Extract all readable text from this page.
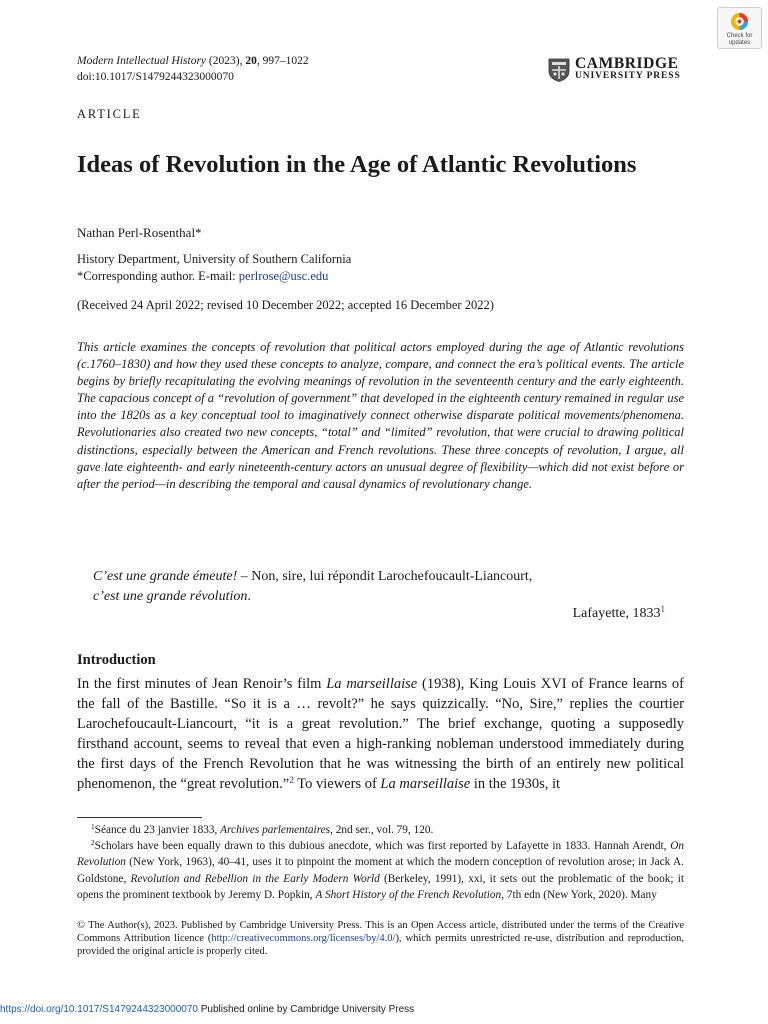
Modern Intellectual History (2023), 20, 997–1022
doi:10.1017/S1479244323000070
CAMBRIDGE
UNIVERSITY PRESS
Check for
updates
ARTICLE
Ideas of Revolution in the Age of Atlantic Revolutions
Nathan Perl-Rosenthal*
History Department, University of Southern California
*Corresponding author. E-mail: perlrose@usc.edu
(Received 24 April 2022; revised 10 December 2022; accepted 16 December 2022)
This article examines the concepts of revolution that political actors employed during the age of Atlantic revolutions (c.1760–1830) and how they used these concepts to analyze, compare, and connect the era’s political events. The article begins by briefly recapitulating the evolving meanings of revolution in the seventeenth century and the early eighteenth. The capacious concept of a “revolution of government” that developed in the eighteenth century remained in regular use into the 1820s as a key conceptual tool to imaginatively connect otherwise disparate political movements/phenomena. Revolutionaries also created two new concepts, “total” and “limited” revolution, that were crucial to drawing political distinctions, especially between the American and French revolutions. These three concepts of revolution, I argue, all gave late eighteenth- and early nineteenth-century actors an unusual degree of flexibility—which did not exist before or after the period—in describing the temporal and causal dynamics of revolutionary change.
C’est une grande émeute! – Non, sire, lui répondit Larochefoucault-Liancourt,
c’est une grande révolution.
Lafayette, 1833$^1$
Introduction
In the first minutes of Jean Renoir’s film La marseillaise (1938), King Louis XVI of France learns of the fall of the Bastille. “So it is a … revolt?” he says quizzically. “No, Sire,” replies the courtier Larochefoucault-Liancourt, “it is a great revolution.” The brief exchange, quoting a supposedly firsthand account, seems to reveal that even a high-ranking nobleman understood immediately during the first days of the French Revolution that he was witnessing the birth of an entirely new political phenomenon, the “great revolution.”$^2$ To viewers of La marseillaise in the 1930s, it

$^1$Séance du 23 janvier 1833, Archives parlementaires, 2nd ser., vol. 79, 120.

$^2$Scholars have been equally drawn to this dubious anecdote, which was first reported by Lafayette in 1833. Hannah Arendt, On Revolution (New York, 1963), 40–41, uses it to pinpoint the moment at which the modern conception of revolution arose; in Jack A. Goldstone, Revolution and Rebellion in the Early Modern World (Berkeley, 1991), xxi, it sets out the problematic of the book; it opens the prominent textbook by Jeremy D. Popkin, A Short History of the French Revolution, 7th edn (New York, 2020). Many

© The Author(s), 2023. Published by Cambridge University Press. This is an Open Access article, distributed under the terms of the Creative Commons Attribution licence (http://creativecommons.org/licenses/by/4.0/), which permits unrestricted re-use, distribution and reproduction, provided the original article is properly cited.
https://doi.org/10.1017/S1479244323000070 Published online by Cambridge University Press
